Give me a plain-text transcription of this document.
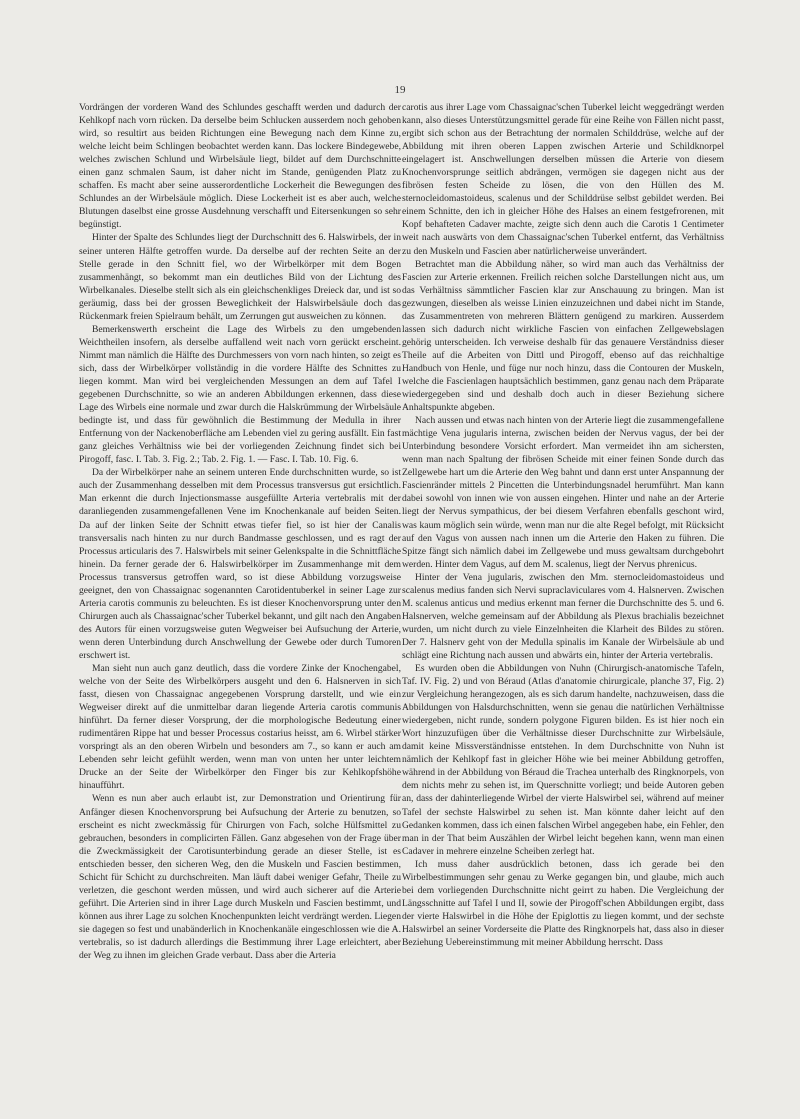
19

Vordrängen der vorderen Wand des Schlundes geschafft werden und dadurch der Kehlkopf nach vorn rücken. Da derselbe beim Schlucken ausserdem noch gehoben wird, so resultirt aus beiden Richtungen eine Bewegung nach dem Kinne zu, welche leicht beim Schlingen beobachtet werden kann. Das lockere Bindegewebe, welches zwischen Schlund und Wirbelsäule liegt, bildet auf dem Durchschnitte einen ganz schmalen Saum, ist daher nicht im Stande, genügenden Platz zu schaffen. Es macht aber seine ausserordentliche Lockerheit die Bewegungen des Schlundes an der Wirbelsäule möglich. Diese Lockerheit ist es aber auch, welche Blutungen daselbst eine grosse Ausdehnung verschafft und Eitersenkungen so sehr begünstigt.

Hinter der Spalte des Schlundes liegt der Durchschnitt des 6. Halswirbels, der in seiner unteren Hälfte getroffen wurde. Da derselbe auf der rechten Seite an der Stelle gerade in den Schnitt fiel, wo der Wirbelkörper mit dem Bogen zusammenhängt, so bekommt man ein deutliches Bild von der Lichtung des Wirbelkanales. Dieselbe stellt sich als ein gleichschenkliges Dreieck dar, und ist so geräumig, dass bei der grossen Beweglichkeit der Halswirbelsäule doch das Rückenmark freien Spielraum behält, um Zerrungen gut ausweichen zu können.

Bemerkenswerth erscheint die Lage des Wirbels zu den umgebenden Weichtheilen insofern, als derselbe auffallend weit nach vorn gerückt erscheint. Nimmt man nämlich die Hälfte des Durchmessers von vorn nach hinten, so zeigt es sich, dass der Wirbelkörper vollständig in die vordere Hälfte des Schnittes zu liegen kommt. Man wird bei vergleichenden Messungen an dem auf Tafel I gegebenen Durchschnitte, so wie an anderen Abbildungen erkennen, dass diese Lage des Wirbels eine normale und zwar durch die Halskrümmung der Wirbelsäule bedingte ist, und dass für gewöhnlich die Bestimmung der Medulla in ihrer Entfernung von der Nackenoberfläche am Lebenden viel zu gering ausfällt. Ein fast ganz gleiches Verhältniss wie bei der vorliegenden Zeichnung findet sich bei Pirogoff, fasc. I. Tab. 3. Fig. 2.; Tab. 2. Fig. 1. — Fasc. I. Tab. 10. Fig. 6.

Da der Wirbelkörper nahe an seinem unteren Ende durchschnitten wurde, so ist auch der Zusammenhang desselben mit dem Processus transversus gut ersichtlich. Man erkennt die durch Injectionsmasse ausgefüllte Arteria vertebralis mit der daranliegenden zusammengefallenen Vene im Knochenkanale auf beiden Seiten. Da auf der linken Seite der Schnitt etwas tiefer fiel, so ist hier der Canalis transversalis nach hinten zu nur durch Bandmasse geschlossen, und es ragt der Processus articularis des 7. Halswirbels mit seiner Gelenkspalte in die Schnittfläche hinein. Da ferner gerade der 6. Halswirbelkörper im Zusammenhange mit dem Processus transversus getroffen ward, so ist diese Abbildung vorzugsweise geeignet, den von Chassaignac sogenannten Carotidentuberkel in seiner Lage zur Arteria carotis communis zu beleuchten. Es ist dieser Knochenvorsprung unter den Chirurgen auch als Chassaignac'scher Tuberkel bekannt, und gilt nach den Angaben des Autors für einen vorzugsweise guten Wegweiser bei Aufsuchung der Arterie, wenn deren Unterbindung durch Anschwellung der Gewebe oder durch Tumoren erschwert ist.

Man sieht nun auch ganz deutlich, dass die vordere Zinke der Knochengabel, welche von der Seite des Wirbelkörpers ausgeht und den 6. Halsnerven in sich fasst, diesen von Chassaignac angegebenen Vorsprung darstellt, und wie ein Wegweiser direkt auf die unmittelbar daran liegende Arteria carotis communis hinführt. Da ferner dieser Vorsprung, der die morphologische Bedeutung einer rudimentären Rippe hat und besser Processus costarius heisst, am 6. Wirbel stärker vorspringt als an den oberen Wirbeln und besonders am 7., so kann er auch am Lebenden sehr leicht gefühlt werden, wenn man von unten her unter leichtem Drucke an der Seite der Wirbelkörper den Finger bis zur Kehlkopfshöhe hinaufführt.

Wenn es nun aber auch erlaubt ist, zur Demonstration und Orientirung für Anfänger diesen Knochenvorsprung bei Aufsuchung der Arterie zu benutzen, so erscheint es nicht zweckmässig für Chirurgen von Fach, solche Hülfsmittel zu gebrauchen, besonders in complicirten Fällen. Ganz abgesehen von der Frage über die Zweckmässigkeit der Carotisunterbindung gerade an dieser Stelle, ist es entschieden besser, den sicheren Weg, den die Muskeln und Fascien bestimmen, Schicht für Schicht zu durchschreiten. Man läuft dabei weniger Gefahr, Theile zu verletzen, die geschont werden müssen, und wird auch sicherer auf die Arterie geführt. Die Arterien sind in ihrer Lage durch Muskeln und Fascien bestimmt, und können aus ihrer Lage zu solchen Knochenpunkten leicht verdrängt werden. Liegen sie dagegen so fest und unabänderlich in Knochenkanäle eingeschlossen wie die A. vertebralis, so ist dadurch allerdings die Bestimmung ihrer Lage erleichtert, aber der Weg zu ihnen im gleichen Grade verbaut. Dass aber die Arteria

carotis aus ihrer Lage vom Chassaignac'schen Tuberkel leicht weggedrängt werden kann, also dieses Unterstützungsmittel gerade für eine Reihe von Fällen nicht passt, ergibt sich schon aus der Betrachtung der normalen Schilddrüse, welche auf der Abbildung mit ihren oberen Lappen zwischen Arterie und Schildknorpel eingelagert ist. Anschwellungen derselben müssen die Arterie von diesem Knochenvorsprunge seitlich abdrängen, vermögen sie dagegen nicht aus der fibrösen festen Scheide zu lösen, die von den Hüllen des M. sternocleidomastoideus, scalenus und der Schilddrüse selbst gebildet werden. Bei einem Schnitte, den ich in gleicher Höhe des Halses an einem festgefrorenen, mit Kopf behafteten Cadaver machte, zeigte sich denn auch die Carotis 1 Centimeter weit nach auswärts von dem Chassaignac'schen Tuberkel entfernt, das Verhältniss zu den Muskeln und Fascien aber natürlicherweise unverändert.

Betrachtet man die Abbildung näher, so wird man auch das Verhältniss der Fascien zur Arterie erkennen. Freilich reichen solche Darstellungen nicht aus, um das Verhältniss sämmtlicher Fascien klar zur Anschauung zu bringen. Man ist gezwungen, dieselben als weisse Linien einzuzeichnen und dabei nicht im Stande, das Zusammentreten von mehreren Blättern genügend zu markiren. Ausserdem lassen sich dadurch nicht wirkliche Fascien von einfachen Zellgewebslagen gehörig unterscheiden. Ich verweise deshalb für das genauere Verständniss dieser Theile auf die Arbeiten von Dittl und Pirogoff, ebenso auf das reichhaltige Handbuch von Henle, und füge nur noch hinzu, dass die Contouren der Muskeln, welche die Fascienlagen hauptsächlich bestimmen, ganz genau nach dem Präparate wiedergegeben sind und deshalb doch auch in dieser Beziehung sichere Anhaltspunkte abgeben.

Nach aussen und etwas nach hinten von der Arterie liegt die zusammengefallene mächtige Vena jugularis interna, zwischen beiden der Nervus vagus, der bei der Unterbindung besondere Vorsicht erfordert. Man vermeidet ihn am sichersten, wenn man nach Spaltung der fibrösen Scheide mit einer feinen Sonde durch das Zellgewebe hart um die Arterie den Weg bahnt und dann erst unter Anspannung der Fascienränder mittels 2 Pincetten die Unterbindungsnadel herumführt. Man kann dabei sowohl von innen wie von aussen eingehen. Hinter und nahe an der Arterie liegt der Nervus sympathicus, der bei diesem Verfahren ebenfalls geschont wird, was kaum möglich sein würde, wenn man nur die alte Regel befolgt, mit Rücksicht auf den Vagus von aussen nach innen um die Arterie den Haken zu führen. Die Spitze fängt sich nämlich dabei im Zellgewebe und muss gewaltsam durchgebohrt werden. Hinter dem Vagus, auf dem M. scalenus, liegt der Nervus phrenicus.

Hinter der Vena jugularis, zwischen den Mm. sternocleidomastoideus und scalenus medius fanden sich Nervi supraclaviculares vom 4. Halsnerven. Zwischen M. scalenus anticus und medius erkennt man ferner die Durchschnitte des 5. und 6. Halsnerven, welche gemeinsam auf der Abbildung als Plexus brachialis bezeichnet wurden, um nicht durch zu viele Einzelnheiten die Klarheit des Bildes zu stören. Der 7. Halsnerv geht von der Medulla spinalis im Kanale der Wirbelsäule ab und schlägt eine Richtung nach aussen und abwärts ein, hinter der Arteria vertebralis.

Es wurden oben die Abbildungen von Nuhn (Chirurgisch-anatomische Tafeln, Taf. IV. Fig. 2) und von Béraud (Atlas d'anatomie chirurgicale, planche 37, Fig. 2) zur Vergleichung herangezogen, als es sich darum handelte, nachzuweisen, dass die Abbildungen von Halsdurchschnitten, wenn sie genau die natürlichen Verhältnisse wiedergeben, nicht runde, sondern polygone Figuren bilden. Es ist hier noch ein Wort hinzuzufügen über die Verhältnisse dieser Durchschnitte zur Wirbelsäule, damit keine Missverständnisse entstehen. In dem Durchschnitte von Nuhn ist nämlich der Kehlkopf fast in gleicher Höhe wie bei meiner Abbildung getroffen, während in der Abbildung von Béraud die Trachea unterhalb des Ringknorpels, von dem nichts mehr zu sehen ist, im Querschnitte vorliegt; und beide Autoren geben an, dass der dahinterliegende Wirbel der vierte Halswirbel sei, während auf meiner Tafel der sechste Halswirbel zu sehen ist. Man könnte daher leicht auf den Gedanken kommen, dass ich einen falschen Wirbel angegeben habe, ein Fehler, den man in der That beim Auszählen der Wirbel leicht begehen kann, wenn man einen Cadaver in mehrere einzelne Scheiben zerlegt hat.

Ich muss daher ausdrücklich betonen, dass ich gerade bei den Wirbelbestimmungen sehr genau zu Werke gegangen bin, und glaube, mich auch bei dem vorliegenden Durchschnitte nicht geirrt zu haben. Die Vergleichung der Längsschnitte auf Tafel I und II, sowie der Pirogoff'schen Abbildungen ergibt, dass der vierte Halswirbel in die Höhe der Epiglottis zu liegen kommt, und der sechste Halswirbel an seiner Vorderseite die Platte des Ringknorpels hat, dass also in dieser Beziehung Uebereinstimmung mit meiner Abbildung herrscht. Dass
